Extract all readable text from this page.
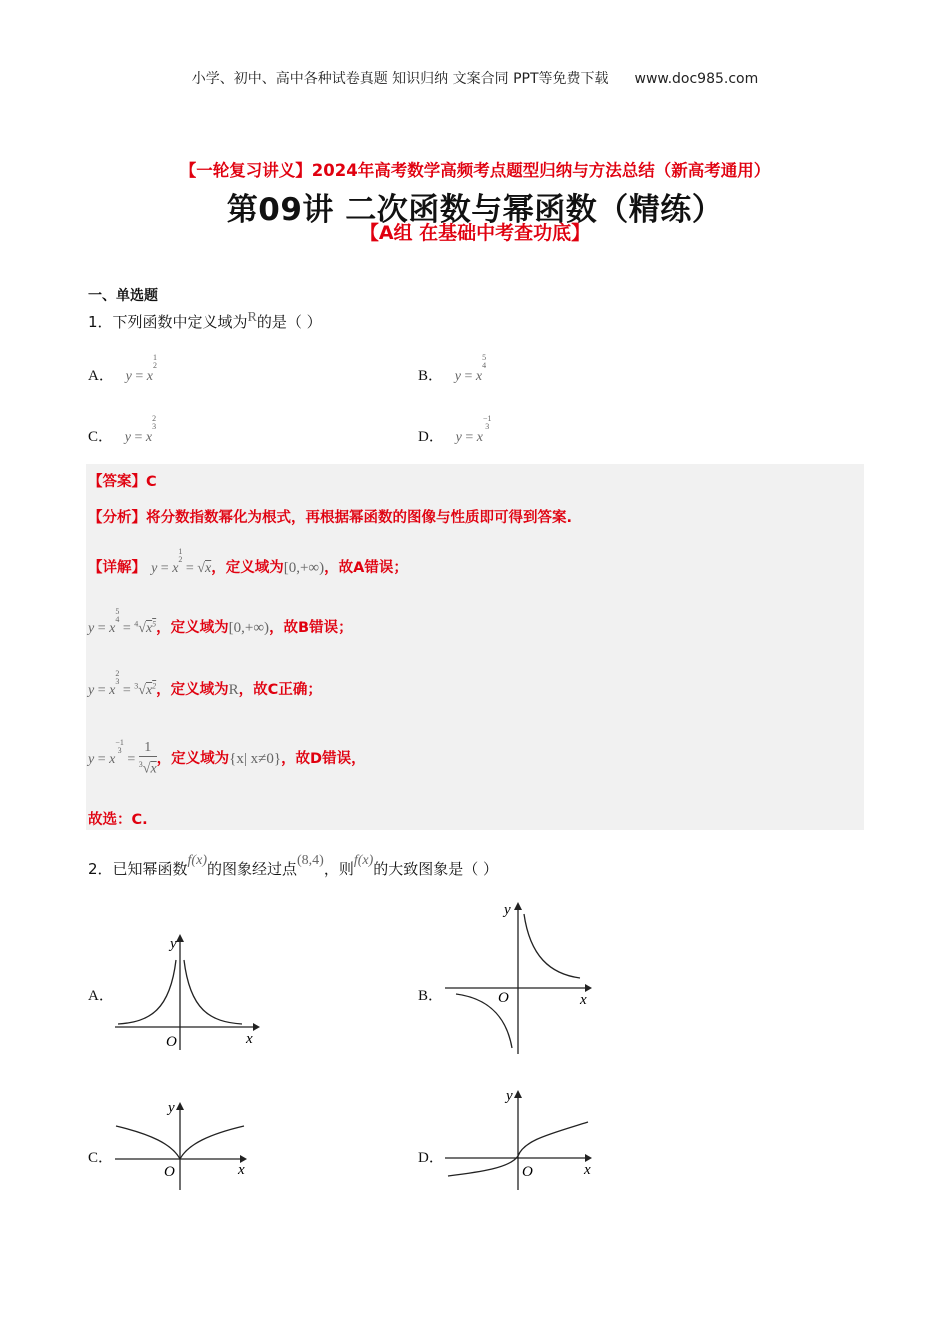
小学、初中、高中各种试卷真题 知识归纳 文案合同 PPT等免费下载 www.doc985.com
【一轮复习讲义】2024年高考数学高频考点题型归纳与方法总结（新高考通用）
第09讲 二次函数与幂函数（精练）
【A组 在基础中考查功底】
一、单选题
1．下列函数中定义域为R的是（ ）
A． $y = x^{1 2}$
B． $y = x^{5 4}$
C． $y = x^{2 3}$
D． $y = x^{-1 3}$
【答案】C
【分析】将分数指数幂化为根式，再根据幂函数的图像与性质即可得到答案.
【详解】 $y = x^{1 2} = √x$，定义域为[0,+∞)，故A错误；
$y = x^{5 4} = ^4√x^5$，定义域为[0,+∞)，故B错误；
$y = x^{2 3} = ^3√x^2$，定义域为R，故C正确；
$y = x^{-1 3} = \frac{1}{^3√x}$ ，定义域为{x| x≠0}，故D错误，
故选：C.
2．已知幂函数f(x)的图象经过点(8,4)，则f(x)的大致图象是（ ）
A．	B．
C．	D．
y
x
O
y
x
O
y
x
O
y
x
O
